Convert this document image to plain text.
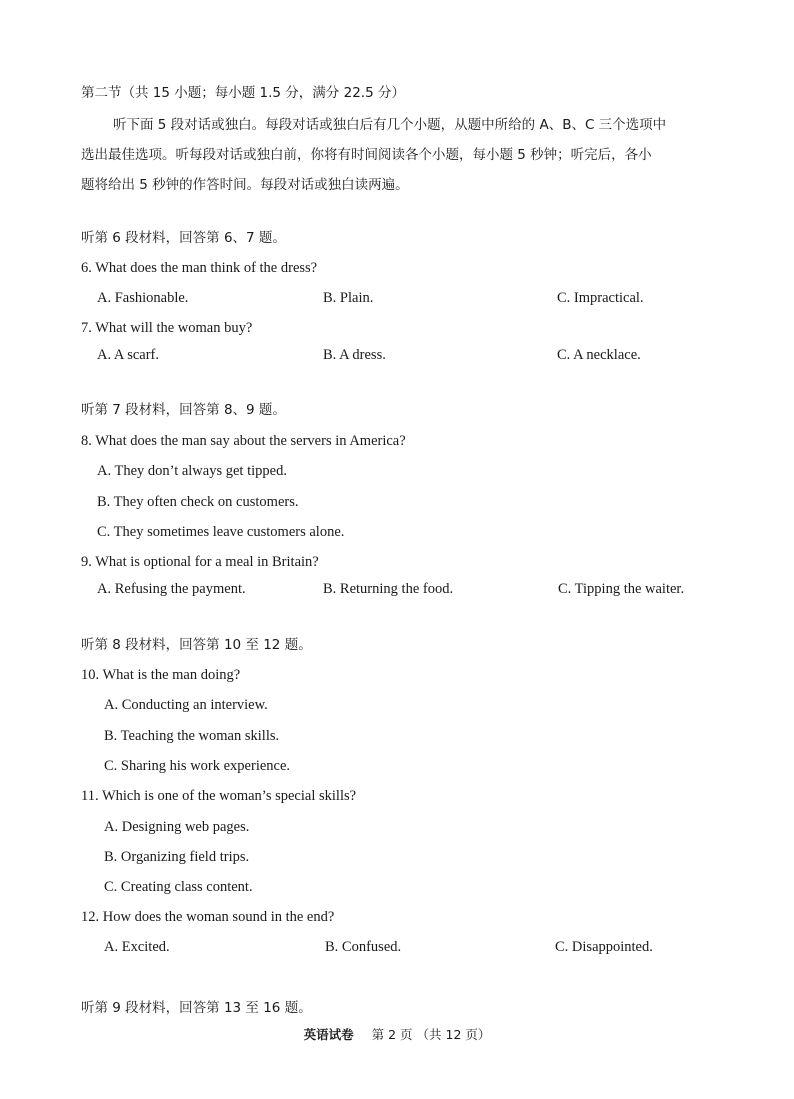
第二节（共 15 小题；每小题 1.5 分，满分 22.5 分）

听下面 5 段对话或独白。每段对话或独白后有几个小题，从题中所给的 A、B、C 三个选项中

选出最佳选项。听每段对话或独白前，你将有时间阅读各个小题，每小题 5 秒钟；听完后，各小

题将给出 5 秒钟的作答时间。每段对话或独白读两遍。

听第 6 段材料，回答第 6、7 题。

6. What does the man think of the dress?

A. Fashionable.	B. Plain.	C. Impractical.

7. What will the woman buy?

A. A scarf.	B. A dress.	C. A necklace.

听第 7 段材料，回答第 8、9 题。

8. What does the man say about the servers in America?

A. They don’t always get tipped.
B. They often check on customers.
C. They sometimes leave customers alone.

9. What is optional for a meal in Britain?

A. Refusing the payment.	B. Returning the food.	C. Tipping the waiter.

听第 8 段材料，回答第 10 至 12 题。

10. What is the man doing?

A. Conducting an interview.
B. Teaching the woman skills.
C. Sharing his work experience.

11. Which is one of the woman’s special skills?

A. Designing web pages.
B. Organizing field trips.
C. Creating class content.

12. How does the woman sound in the end?

A. Excited.	B. Confused.	C. Disappointed.

听第 9 段材料，回答第 13 至 16 题。

英语试卷 第 2 页 （共 12 页）
